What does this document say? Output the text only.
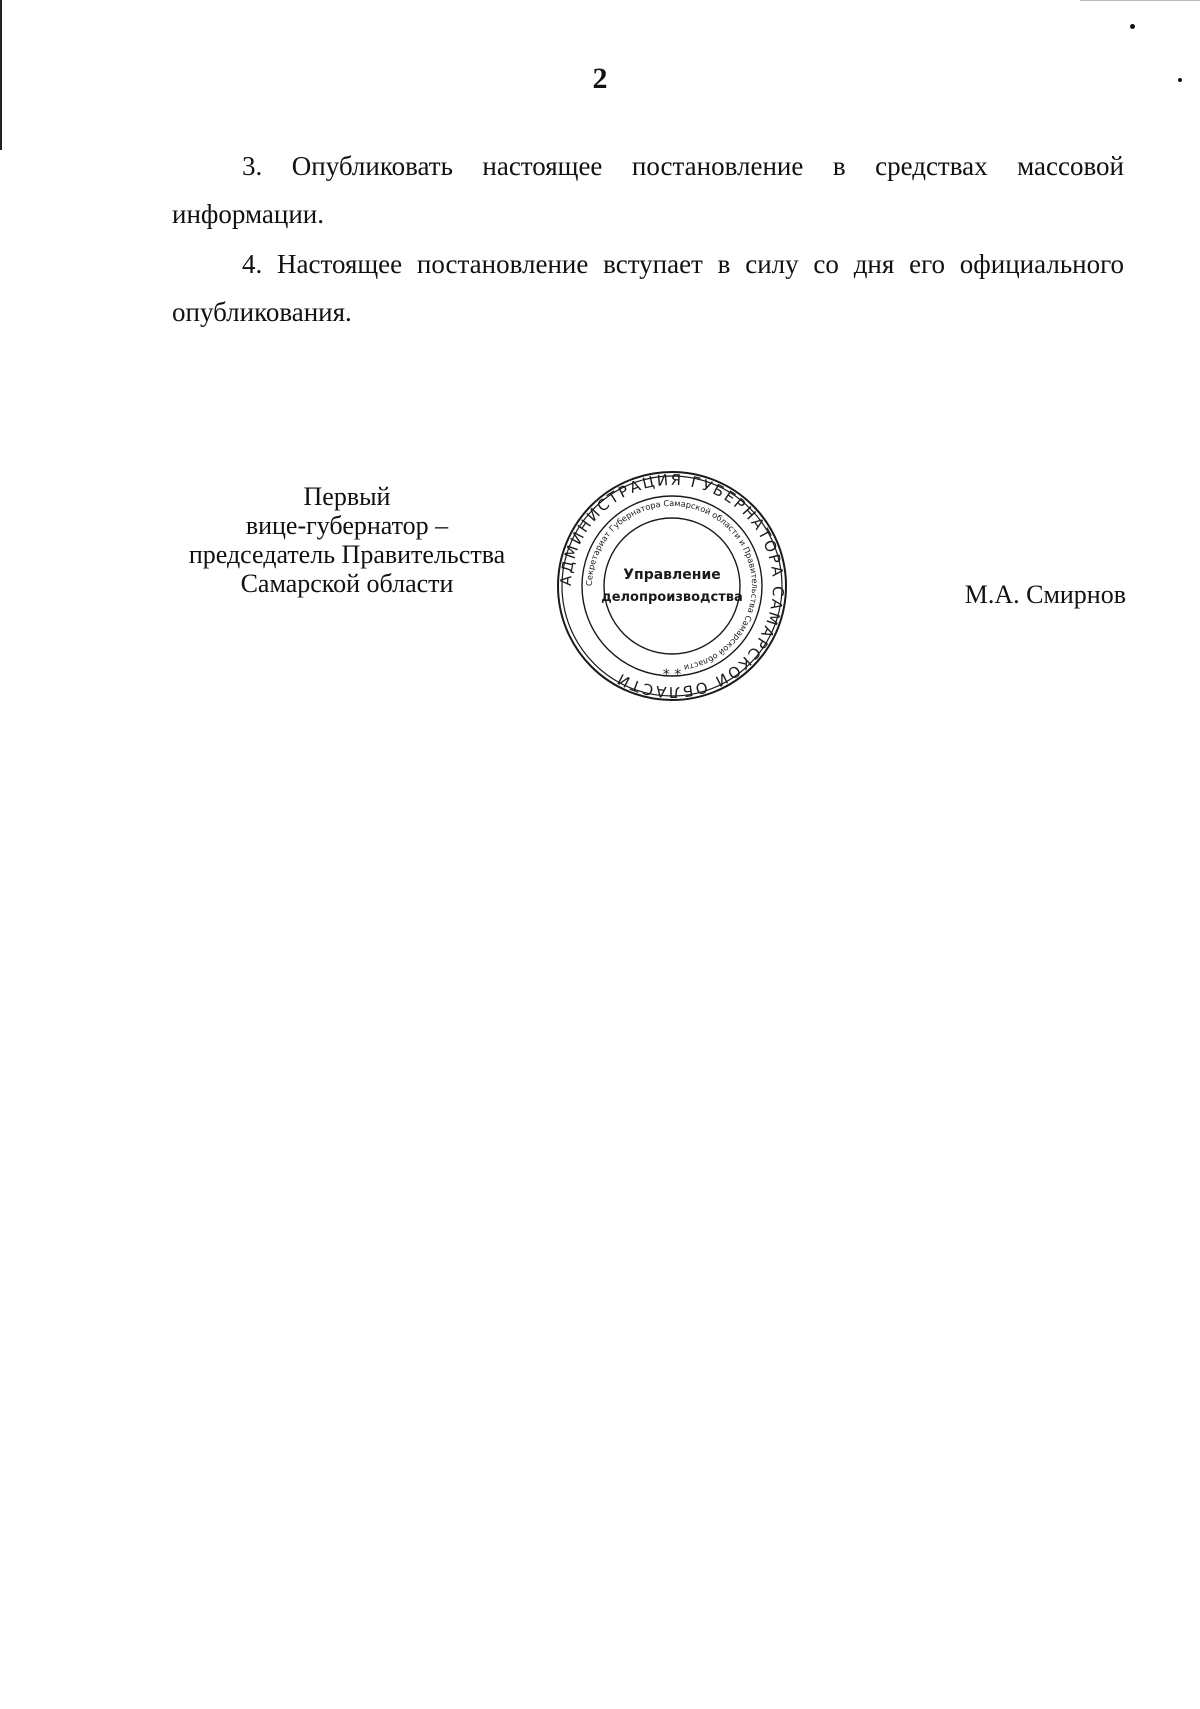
2

3. Опубликовать настоящее постановление в средствах массовой информации.

4. Настоящее постановление вступает в силу со дня его официального опубликования.

Первый
вице-губернатор –
председатель Правительства
Самарской области	М.А. Смирнов
АДМИНИСТРАЦИЯ ГУБЕРНАТОРА САМАРСКОЙ ОБЛАСТИ
Секретариат Губернатора Самарской области и Правительства Самарской области
Управление
делопроизводства
* *
